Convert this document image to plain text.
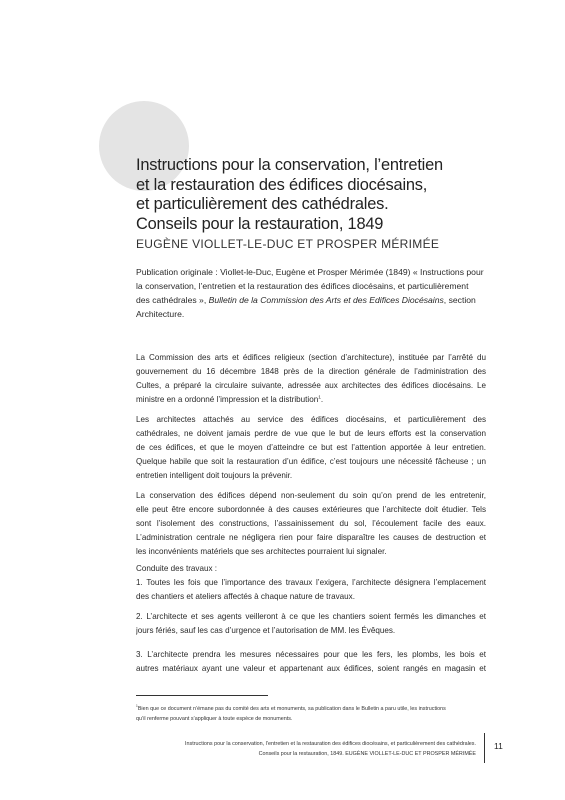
Instructions pour la conservation, l’entretien
et la restauration des édifices diocésains,
et particulièrement des cathédrales.
Conseils pour la restauration, 1849
EUGÈNE VIOLLET-LE-DUC ET PROSPER MÉRIMÉE
Publication originale : Viollet-le-Duc, Eugène et Prosper Mérimée (1849) « Instructions pour
la conservation, l’entretien et la restauration des édifices diocésains, et particulièrement
des cathédrales », Bulletin de la Commission des Arts et des Edifices Diocésains, section
Architecture.
La Commission des arts et édifices religieux (section d’architecture), instituée par l’arrêté du
gouvernement du 16 décembre 1848 près de la direction générale de l’administration des
Cultes, a préparé la circulaire suivante, adressée aux architectes des édifices diocésains. Le
ministre en a ordonné l’impression et la distribution$^1$.
Les architectes attachés au service des édifices diocésains, et particulièrement des
cathédrales, ne doivent jamais perdre de vue que le but de leurs efforts est la conservation
de ces édifices, et que le moyen d’atteindre ce but est l’attention apportée à leur entretien.
Quelque habile que soit la restauration d’un édifice, c’est toujours une nécessité fâcheuse ; un
entretien intelligent doit toujours la prévenir.
La conservation des édifices dépend non-seulement du soin qu’on prend de les entretenir,
elle peut être encore subordonnée à des causes extérieures que l’architecte doit étudier. Tels
sont l’isolement des constructions, l’assainissement du sol, l’écoulement facile des eaux.
L’administration centrale ne négligera rien pour faire disparaître les causes de destruction et
les inconvénients matériels que ses architectes pourraient lui signaler.
Conduite des travaux :
1. Toutes les fois que l’importance des travaux l’exigera, l’architecte désignera l’emplacement
des chantiers et ateliers affectés à chaque nature de travaux.
2. L’architecte et ses agents veilleront à ce que les chantiers soient fermés les dimanches et
jours fériés, sauf les cas d’urgence et l’autorisation de MM. les Évêques.
3. L’architecte prendra les mesures nécessaires pour que les fers, les plombs, les bois et
autres matériaux ayant une valeur et appartenant aux édifices, soient rangés en magasin et
$^1$Bien que ce document n’émane pas du comité des arts et monuments, sa publication dans le Bulletin a paru utile, les instructions
qu’il renferme pouvant s’appliquer à toute espèce de monuments.
Instructions pour la conservation, l’entretien et la restauration des édifices diocésains, et particulièrement des cathédrales.
Conseils pour la restauration, 1849. EUGÈNE VIOLLET-LE-DUC ET PROSPER MÉRIMÉE
11
